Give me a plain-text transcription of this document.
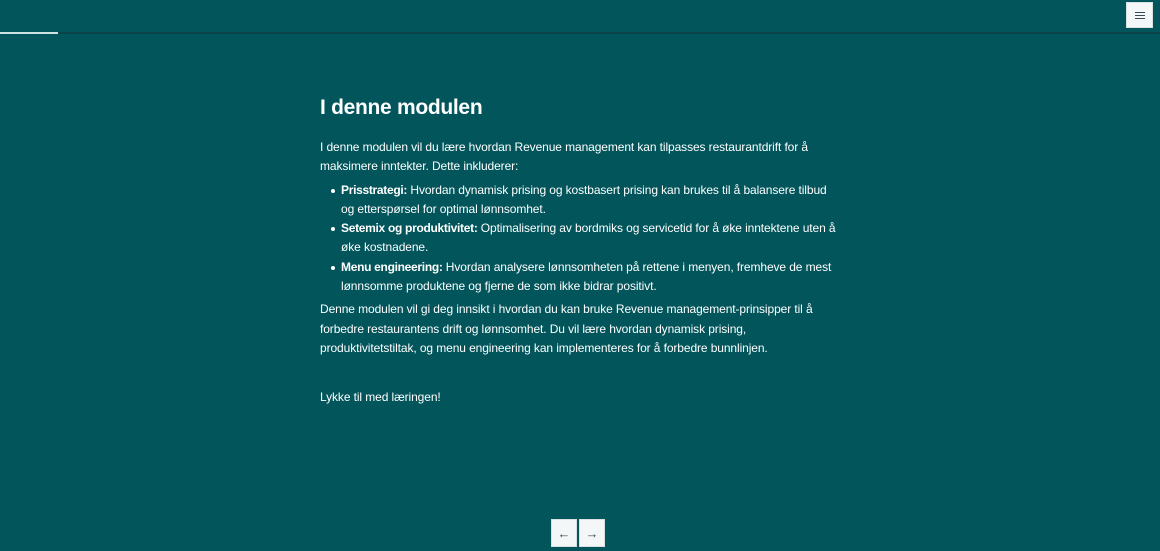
I denne modulen

I denne modulen vil du lære hvordan Revenue management kan tilpasses restaurantdrift for å maksimere inntekter. Dette inkluderer:

Prisstrategi: Hvordan dynamisk prising og kostbasert prising kan brukes til å balansere tilbud og etterspørsel for optimal lønnsomhet.
Setemix og produktivitet: Optimalisering av bordmiks og servicetid for å øke inntektene uten å øke kostnadene.
Menu engineering: Hvordan analysere lønnsomheten på rettene i menyen, fremheve de mest lønnsomme produktene og fjerne de som ikke bidrar positivt.

Denne modulen vil gi deg innsikt i hvordan du kan bruke Revenue management-prinsipper til å forbedre restaurantens drift og lønnsomhet. Du vil lære hvordan dynamisk prising, produktivitetstiltak, og menu engineering kan implementeres for å forbedre bunnlinjen.

Lykke til med læringen!

← →
